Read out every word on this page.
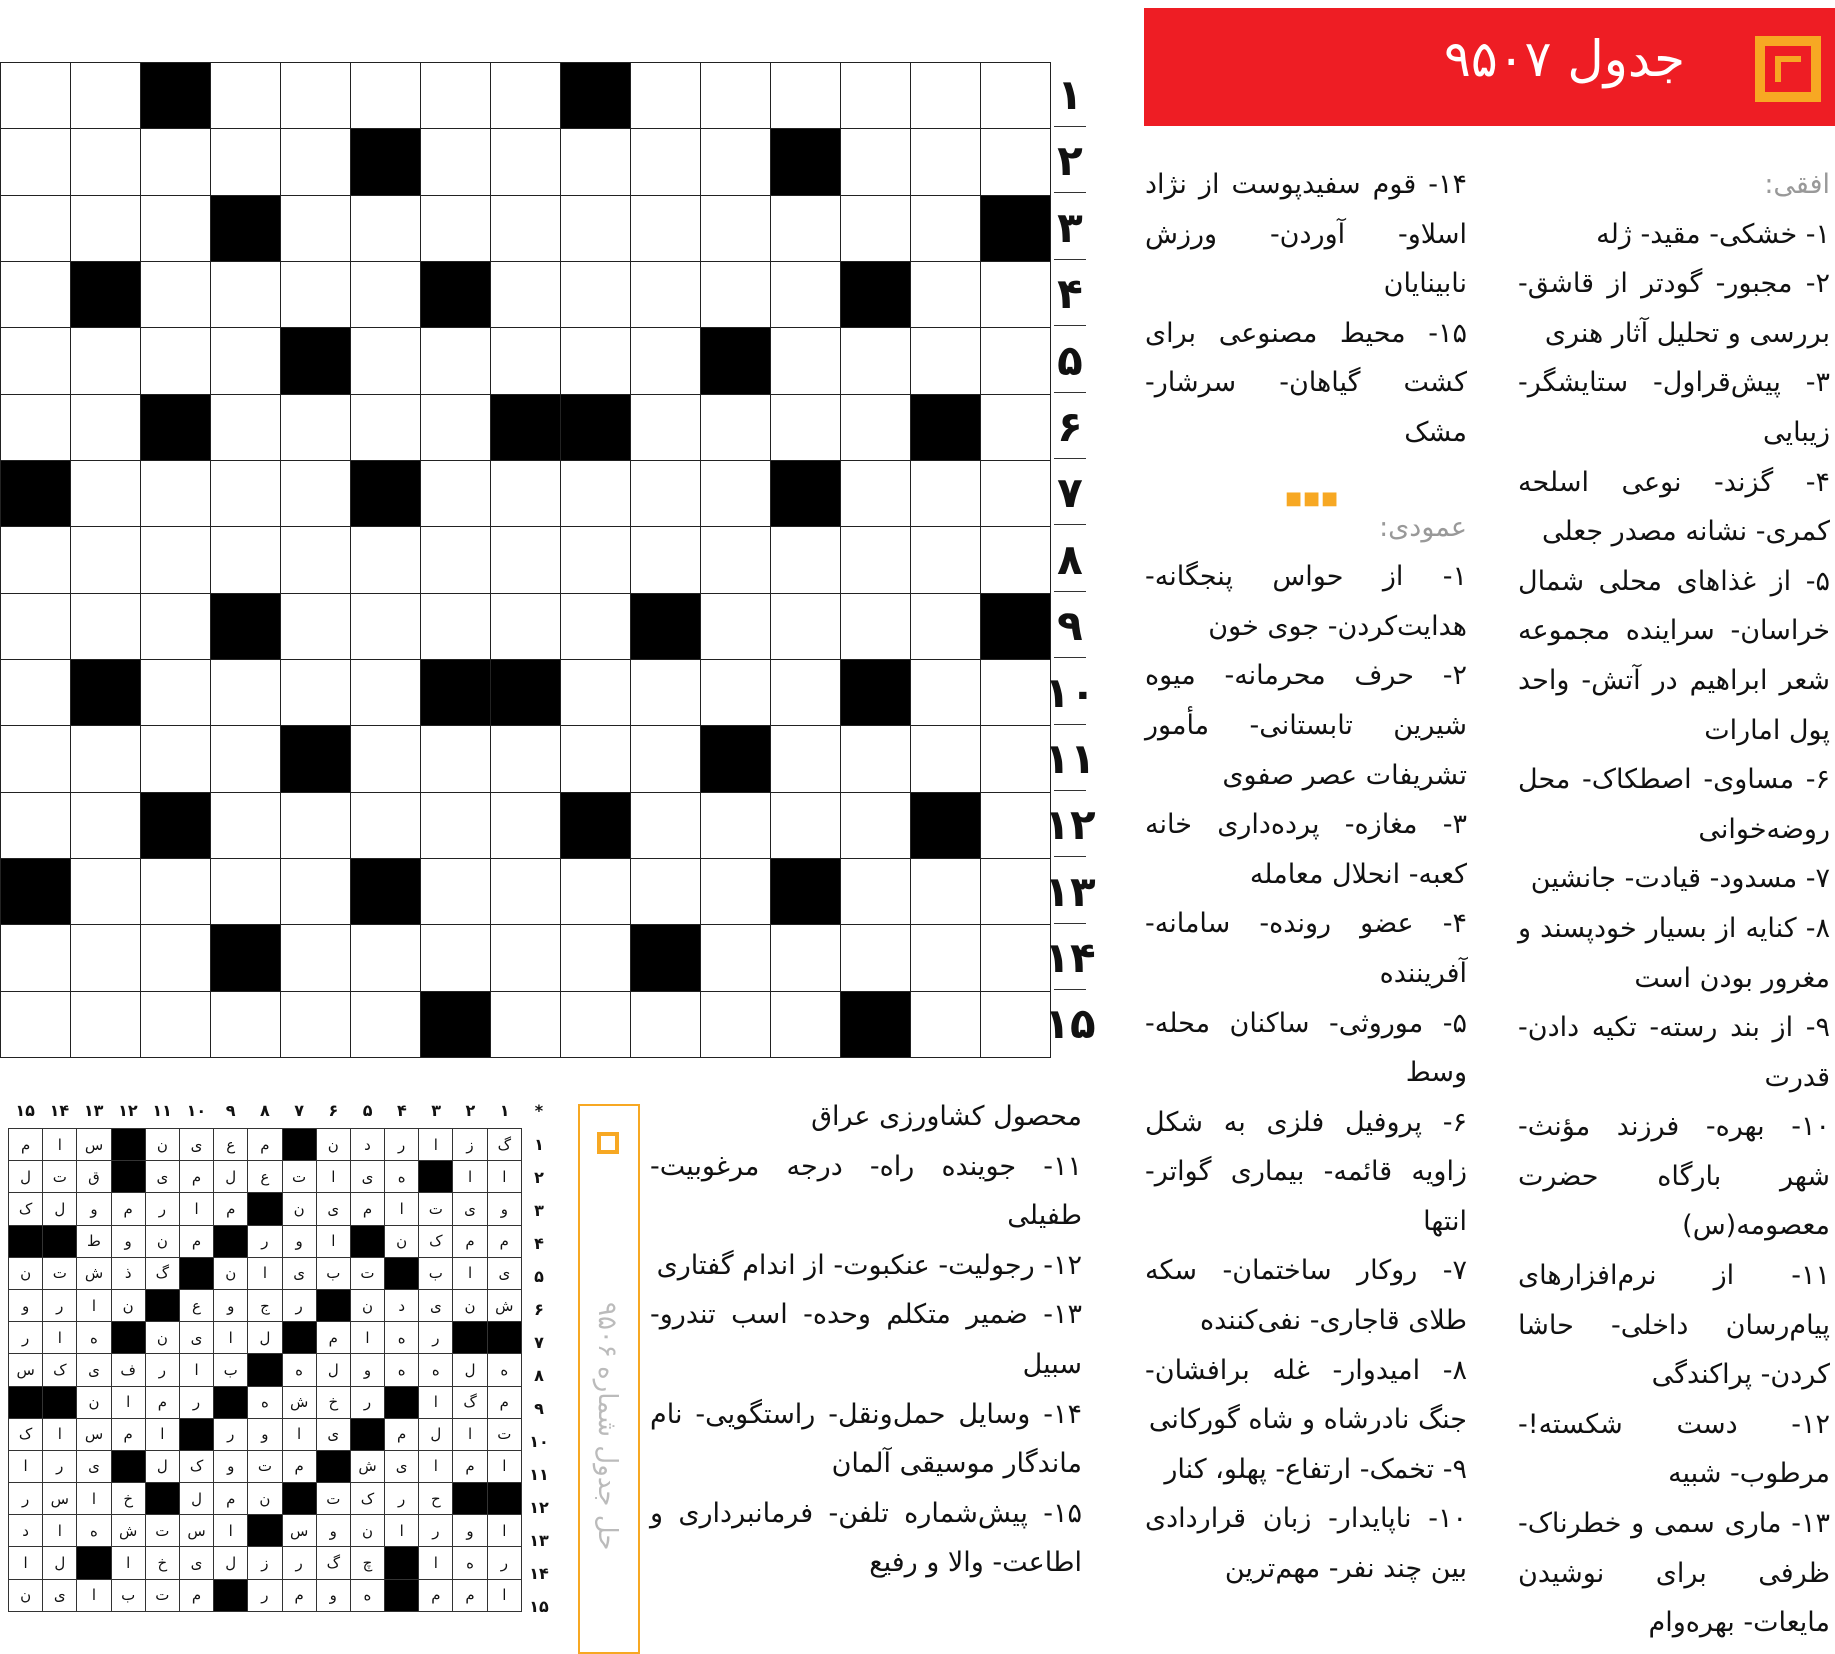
جدول ۹۵۰۷

افقی:

۱- خشکی- مقید- ژله

۲- مجبور- گودتر از قاشق- بررسی و تحلیل آثار هنری

۳- پیش‌قراول- ستایشگر- زیبایی

۴- گزند- نوعی اسلحه کمری- نشانه مصدر جعلی

۵- از غذاهای محلی شمال خراسان- سراینده مجموعه شعر ابراهیم در آتش- واحد پول امارات

۶- مساوی- اصطکاک- محل روضه‌خوانی

۷- مسدود- قیادت- جانشین

۸- کنایه از بسیار خودپسند و مغرور بودن است

۹- از بند رسته- تکیه دادن- قدرت

۱۰- بهره- فرزند مؤنث- شهر بارگاه حضرت معصومه(س)

۱۱- از نرم‌افزارهای پیام‌رسان داخلی- حاشا کردن- پراکندگی

۱۲- دست شکسته!- مرطوب- شبیه

۱۳- ماری سمی و خطرناک- ظرفی برای نوشیدن مایعات- بهره‌وام

۱۴- قوم سفیدپوست از نژاد اسلاو- آوردن- ورزش نابینایان

۱۵- محیط مصنوعی برای کشت گیاهان- سرشار- مشک

■■■

عمودی:

۱- از حواس پنجگانه- هدایت‌کردن- جوی خون

۲- حرف محرمانه- میوه شیرین تابستانی- مأمور تشریفات عصر صفوی

۳- مغازه- پرده‌داری خانه کعبه- انحلال معامله

۴- عضو رونده- سامانه- آفریننده

۵- موروثی- ساکنان محله- وسط

۶- پروفیل فلزی به شکل زاویه قائمه- بیماری گواتر- انتها

۷- روکار ساختمان- سکه طلای قاجاری- نفی‌کننده

۸- امیدوار- غله برافشان- جنگ نادرشاه و شاه گورکانی

۹- تخمک- ارتفاع- پهلو، کنار

۱۰- ناپایدار- زبان قراردادی بین چند نفر- مهم‌ترین

محصول کشاورزی عراق

۱۱- جوینده راه- درجه مرغوبیت- طفیلی

۱۲- رجولیت- عنکبوت- از اندام گفتاری

۱۳- ضمیر متکلم وحده- اسب تندرو- سبیل

۱۴- وسایل حمل‌ونقل- راستگویی- نام ماندگار موسیقی آلمان

۱۵- پیش‌شماره تلفن- فرمانبرداری و اطاعت- والا و رفیع

۱
۲
۳
۴
۵
۶
۷
۸
۹
۱۰
۱۱
۱۲
۱۳
۱۴
۱۵
حل جدول شماره ۹۵۰۶
*
۱
۲
۳
۴
۵
۶
۷
۸
۹
۱۰
۱۱
۱۲
۱۳
۱۴
۱۵
م	ا	س		ن	ی	ع	م		ن	د	ر	ا	ز	گ
ل	ت	ق		ی	م	ل	ع	ت	ا	ی	ه		ا	ا
ک	ل	و	م	ر	ا	م		ن	ی	م	ا	ت	ی	و
		ط	و	ن	م		ر	و	ا		ن	ک	م	م
ن	ت	ش	ذ	گ		ن	ا	ی	ب	ت		ب	ا	ی
و	ر	ا	ن		ع	و	ج	ر		ن	د	ی	ن	ش
ر	ا	ه		ن	ی	ا	ل		م	ا	ه	ر		
س	ک	ی	ف	ر	ا	ب		ه	ل	و	ه	ه	ل	ه
		ن	ا	م	ر		ه	ش	خ	ر		ا	گ	م
ک	ا	س	م	ا		ر	و	ا	ی		م	ل	ا	ت
ا	ر	ی		ل	ک	و	ت	م		ش	ی	ا	م	ا
ر	س	ا	خ		ل	م	ن		ت	ک	ر	ح		
د	ا	ه	ش	ت	س	ا		س	و	ن	ا	ر	و	ا
ا	ل		ا	خ	ی	ل	ز	ر	گ	چ		ا	ه	ر
ن	ی	ا	ب	ت	م		ر	م	و	ه		م	م	ا
۱
۲
۳
۴
۵
۶
۷
۸
۹
۱۰
۱۱
۱۲
۱۳
۱۴
۱۵
